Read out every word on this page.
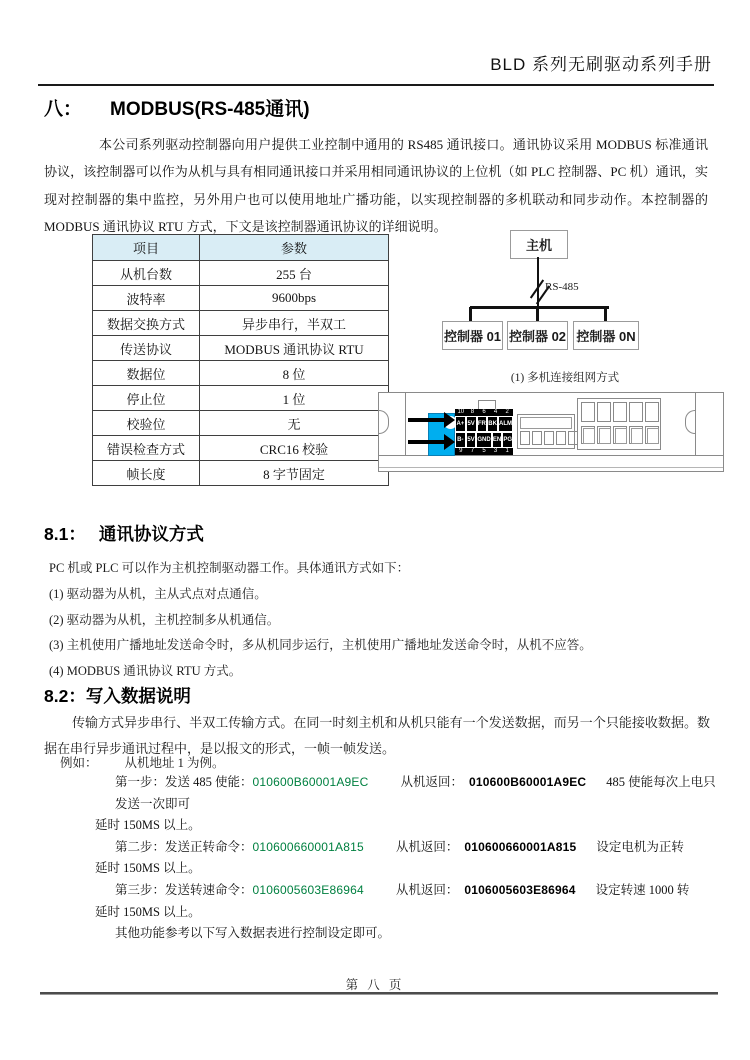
BLD 系列无刷驱动系列手册
八： MODBUS(RS-485通讯)
本公司系列驱动控制器向用户提供工业控制中通用的 RS485 通讯接口。通讯协议采用 MODBUS 标准通讯协议，该控制器可以作为从机与具有相同通讯接口并采用相同通讯协议的上位机（如 PLC 控制器、PC 机）通讯，实现对控制器的集中监控，另外用户也可以使用地址广播功能，以实现控制器的多机联动和同步动作。本控制器的 MODBUS 通讯协议 RTU 方式，下文是该控制器通讯协议的详细说明。
项目	参数
从机台数	255 台
波特率	9600bps
数据交换方式	异步串行，半双工
传送协议	MODBUS 通讯协议 RTU
数据位	8 位
停止位	1 位
校验位	无
错误检查方式	CRC16 校验
帧长度	8 字节固定
主机
RS-485
控制器 01 控制器 02 控制器 0N
(1) 多机连接组网方式
10	8	6	4	2
A+ 5V FR BK ALM
B- 5V GND EN PG
9	7	5	3	1
8.1： 通讯协议方式
PC 机或 PLC 可以作为主机控制驱动器工作。具体通讯方式如下：
(1) 驱动器为从机，主从式点对点通信。
(2) 驱动器为从机，主机控制多从机通信。
(3) 主机使用广播地址发送命令时，多从机同步运行，主机使用广播地址发送命令时，从机不应答。
(4) MODBUS 通讯协议 RTU 方式。
8.2：写入数据说明
传输方式异步串行、半双工传输方式。在同一时刻主机和从机只能有一个发送数据，而另一个只能接收数据。数据在串行异步通讯过程中，是以报文的形式，一帧一帧发送。
例如： 从机地址 1 为例。
第一步：发送 485 使能：010600B60001A9EC	从机返回： 010600B60001A9EC 485 使能每次上电只发送一次即可
延时 150MS 以上。
第二步：发送正转命令：010600660001A815	从机返回： 010600660001A815 设定电机为正转
延时 150MS 以上。
第三步：发送转速命令：0106005603E86964	从机返回： 0106005603E86964 设定转速 1000 转
延时 150MS 以上。
其他功能参考以下写入数据表进行控制设定即可。
第 八 页
